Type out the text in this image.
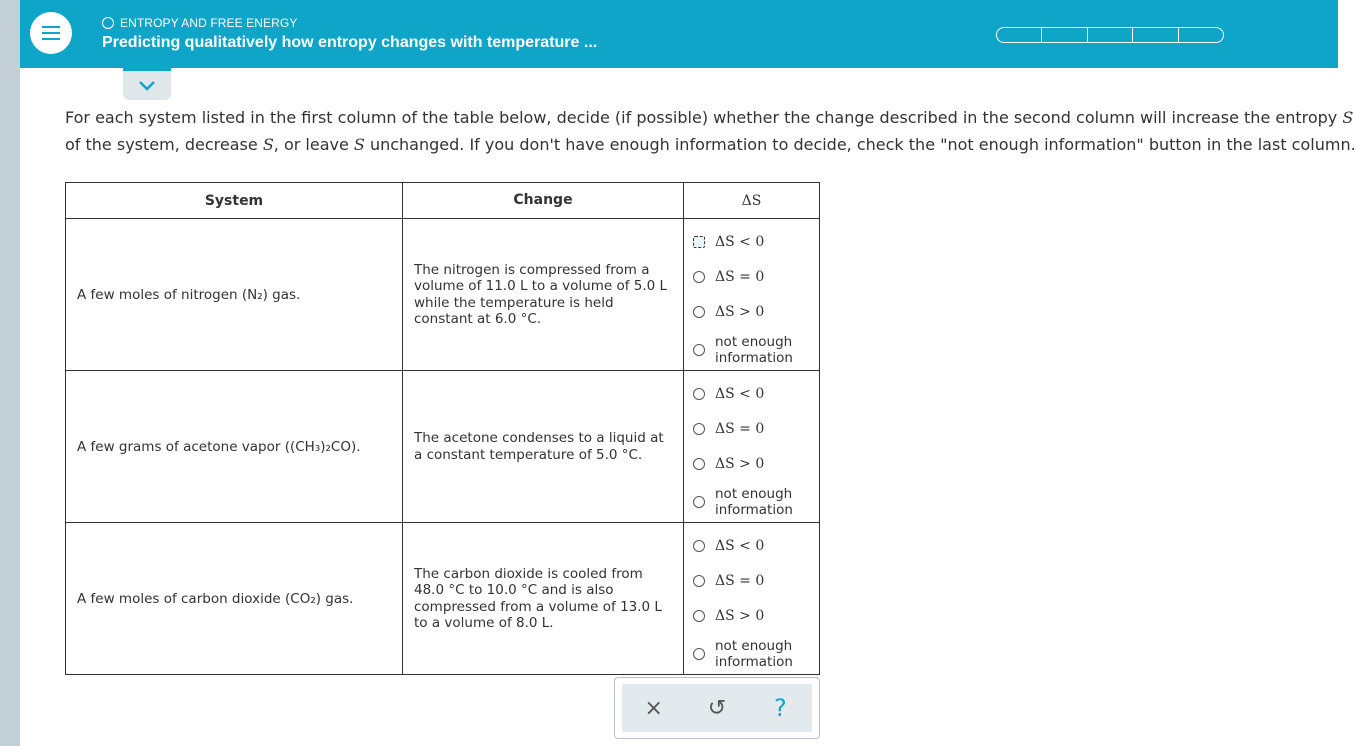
ENTROPY AND FREE ENERGY
Predicting qualitatively how entropy changes with temperature ...
For each system listed in the first column of the table below, decide (if possible) whether the change described in the second column will increase the entropy S
of the system, decrease S, or leave S unchanged. If you don't have enough information to decide, check the "not enough information" button in the last column.
System	Change	ΔS
A few moles of nitrogen (N₂) gas.	The nitrogen is compressed from a volume of 11.0 L to a volume of 5.0 L while the temperature is held constant at 6.0 °C.	ΔS < 0
ΔS = 0
ΔS > 0
not enough information

A few grams of acetone vapor ((CH₃)₂CO).	The acetone condenses to a liquid at a constant temperature of 5.0 °C.	ΔS < 0
ΔS = 0
ΔS > 0
not enough information

A few moles of carbon dioxide (CO₂) gas.	The carbon dioxide is cooled from 48.0 °C to 10.0 °C and is also compressed from a volume of 13.0 L to a volume of 8.0 L.	ΔS < 0
ΔS = 0
ΔS > 0
not enough information
× ↺ ?
